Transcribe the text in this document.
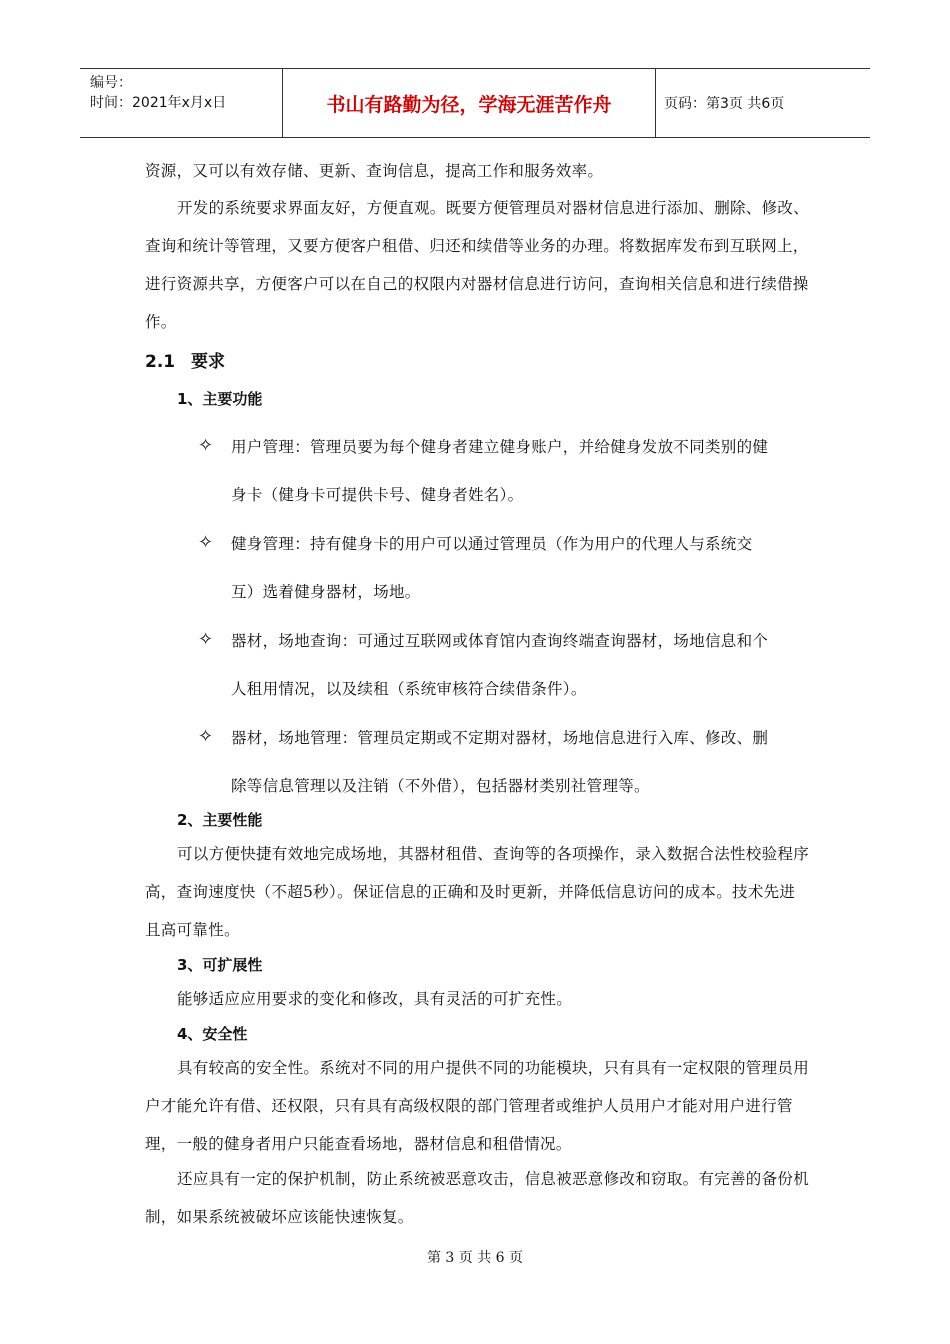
编号：
时间：2021年x月x日	书山有路勤为径，学海无涯苦作舟	页码：第3页 共6页
资源，又可以有效存储、更新、查询信息，提高工作和服务效率。
开发的系统要求界面友好，方便直观。既要方便管理员对器材信息进行添加、删除、修改、查询和统计等管理，又要方便客户租借、归还和续借等业务的办理。将数据库发布到互联网上，进行资源共享，方便客户可以在自己的权限内对器材信息进行访问，查询相关信息和进行续借操作。
2.1 要求
1、主要功能
✧ 用户管理：管理员要为每个健身者建立健身账户，并给健身发放不同类别的健
身卡（健身卡可提供卡号、健身者姓名）。
✧ 健身管理：持有健身卡的用户可以通过管理员（作为用户的代理人与系统交
互）选着健身器材，场地。
✧ 器材，场地查询：可通过互联网或体育馆内查询终端查询器材，场地信息和个
人租用情况，以及续租（系统审核符合续借条件）。
✧ 器材，场地管理：管理员定期或不定期对器材，场地信息进行入库、修改、删
除等信息管理以及注销（不外借），包括器材类别社管理等。
2、主要性能
可以方便快捷有效地完成场地，其器材租借、查询等的各项操作，录入数据合法性校验程序高，查询速度快（不超5秒）。保证信息的正确和及时更新，并降低信息访问的成本。技术先进且高可靠性。
3、可扩展性
能够适应应用要求的变化和修改，具有灵活的可扩充性。
4、安全性
具有较高的安全性。系统对不同的用户提供不同的功能模块，只有具有一定权限的管理员用户才能允许有借、还权限，只有具有高级权限的部门管理者或维护人员用户才能对用户进行管理，一般的健身者用户只能查看场地，器材信息和租借情况。
还应具有一定的保护机制，防止系统被恶意攻击，信息被恶意修改和窃取。有完善的备份机制，如果系统被破坏应该能快速恢复。
第 3 页 共 6 页
